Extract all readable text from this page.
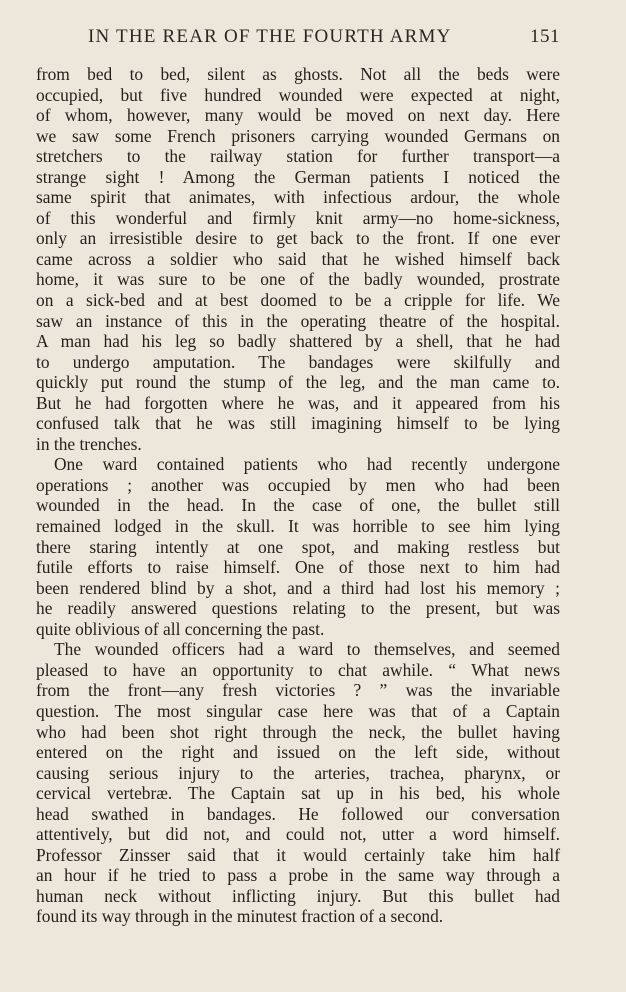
IN THE REAR OF THE FOURTH ARMY	151
from bed to bed, silent as ghosts. Not all the beds were
occupied, but five hundred wounded were expected at night,
of whom, however, many would be moved on next day. Here
we saw some French prisoners carrying wounded Germans on
stretchers to the railway station for further transport—a
strange sight ! Among the German patients I noticed the
same spirit that animates, with infectious ardour, the whole
of this wonderful and firmly knit army—no home-sickness,
only an irresistible desire to get back to the front. If one ever
came across a soldier who said that he wished himself back
home, it was sure to be one of the badly wounded, prostrate
on a sick-bed and at best doomed to be a cripple for life. We
saw an instance of this in the operating theatre of the hospital.
A man had his leg so badly shattered by a shell, that he had
to undergo amputation. The bandages were skilfully and
quickly put round the stump of the leg, and the man came to.
But he had forgotten where he was, and it appeared from his
confused talk that he was still imagining himself to be lying
in the trenches.
One ward contained patients who had recently undergone
operations ; another was occupied by men who had been
wounded in the head. In the case of one, the bullet still
remained lodged in the skull. It was horrible to see him lying
there staring intently at one spot, and making restless but
futile efforts to raise himself. One of those next to him had
been rendered blind by a shot, and a third had lost his memory ;
he readily answered questions relating to the present, but was
quite oblivious of all concerning the past.
The wounded officers had a ward to themselves, and seemed
pleased to have an opportunity to chat awhile. “ What news
from the front—any fresh victories ? ” was the invariable
question. The most singular case here was that of a Captain
who had been shot right through the neck, the bullet having
entered on the right and issued on the left side, without
causing serious injury to the arteries, trachea, pharynx, or
cervical vertebræ. The Captain sat up in his bed, his whole
head swathed in bandages. He followed our conversation
attentively, but did not, and could not, utter a word himself.
Professor Zinsser said that it would certainly take him half
an hour if he tried to pass a probe in the same way through a
human neck without inflicting injury. But this bullet had
found its way through in the minutest fraction of a second.
